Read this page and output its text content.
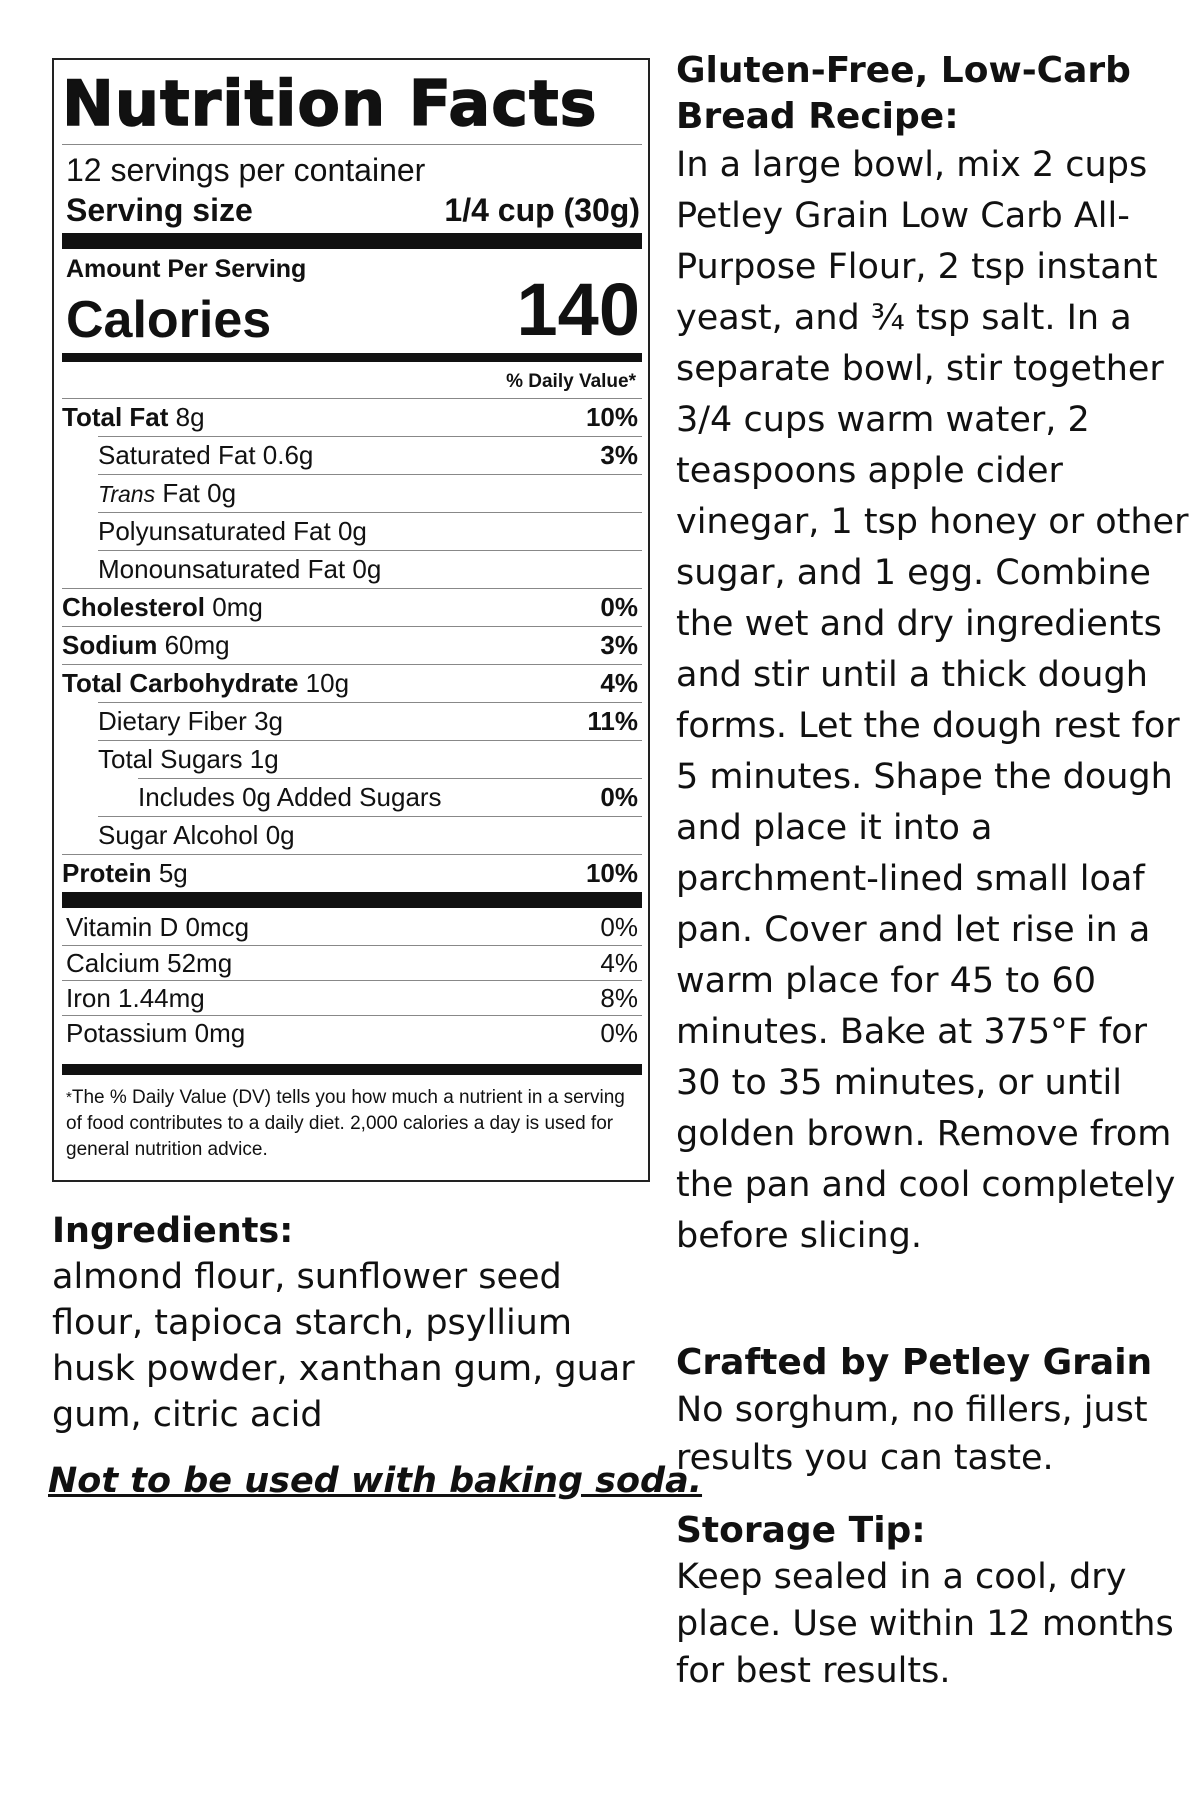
Nutrition Facts
12 servings per container
Serving size	1/4 cup (30g)
Amount Per Serving
Calories	140
% Daily Value*
Total Fat 8g	10%
Saturated Fat 0.6g	3%
Trans Fat 0g
Polyunsaturated Fat 0g
Monounsaturated Fat 0g
Cholesterol 0mg	0%
Sodium 60mg	3%
Total Carbohydrate 10g	4%
Dietary Fiber 3g	11%
Total Sugars 1g
Includes 0g Added Sugars	0%
Sugar Alcohol 0g
Protein 5g	10%
Vitamin D 0mcg	0%
Calcium 52mg	4%
Iron 1.44mg	8%
Potassium 0mg	0%
*The % Daily Value (DV) tells you how much a nutrient in a serving of food contributes to a daily diet. 2,000 calories a day is used for general nutrition advice.
Gluten-Free, Low-Carb Bread Recipe:

In a large bowl, mix 2 cups Petley Grain Low Carb All-Purpose Flour, 2 tsp instant yeast, and ¾ tsp salt. In a separate bowl, stir together 3/4 cups warm water, 2 teaspoons apple cider vinegar, 1 tsp honey or other sugar, and 1 egg. Combine the wet and dry ingredients and stir until a thick dough forms. Let the dough rest for 5 minutes. Shape the dough and place it into a parchment-lined small loaf pan. Cover and let rise in a warm place for 45 to 60 minutes. Bake at 375°F for 30 to 35 minutes, or until golden brown. Remove from the pan and cool completely before slicing.

Ingredients:

almond flour, sunflower seed flour, tapioca starch, psyllium husk powder, xanthan gum, guar gum, citric acid

Not to be used with baking soda.
Crafted by Petley Grain

No sorghum, no fillers, just results you can taste.

Storage Tip:

Keep sealed in a cool, dry place. Use within 12 months for best results.
